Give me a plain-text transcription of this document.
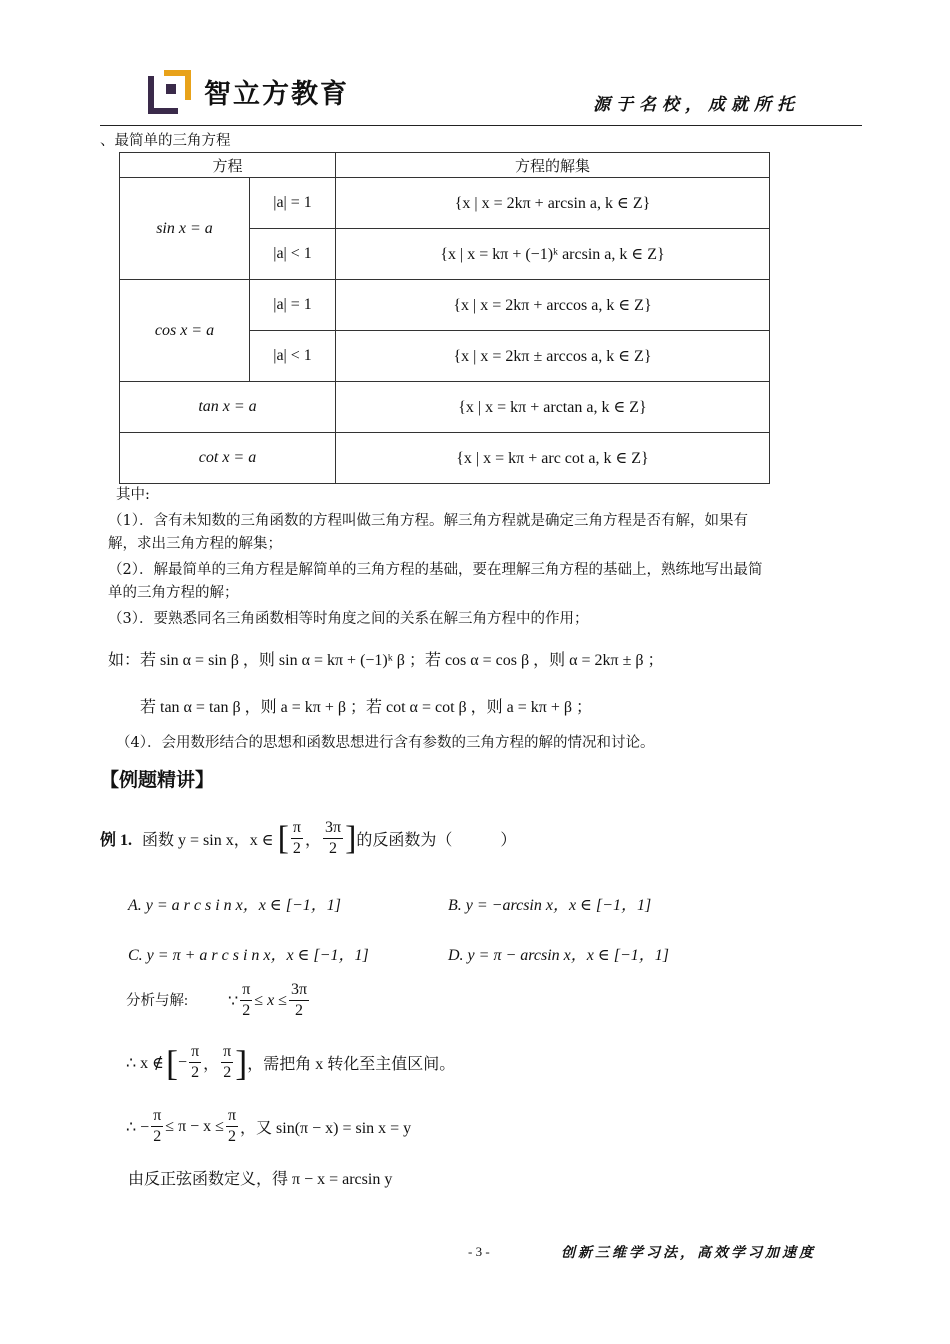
智立方教育	源于名校，成就所托
、最简单的三角方程
方程		方程的解集
sin x = a	|a| = 1	{x | x = 2kπ + arcsin a, k ∈ Z}
	|a| < 1	{x | x = kπ + (−1)ᵏ arcsin a, k ∈ Z}
cos x = a	|a| = 1	{x | x = 2kπ + arccos a, k ∈ Z}
	|a| < 1	{x | x = 2kπ ± arccos a, k ∈ Z}
tan x = a		{x | x = kπ + arctan a, k ∈ Z}
cot x = a		{x | x = kπ + arc cot a, k ∈ Z}
其中:
（1）．含有未知数的三角函数的方程叫做三角方程。解三角方程就是确定三角方程是否有解，如果有
解，求出三角方程的解集；
（2）．解最简单的三角方程是解简单的三角方程的基础，要在理解三角方程的基础上，熟练地写出最简
单的三角方程的解；
（3）．要熟悉同名三角函数相等时角度之间的关系在解三角方程中的作用；
如：若 sin α = sin β ，则 sin α = kπ + (−1)ᵏ β ；若 cos α = cos β ，则 α = 2kπ ± β ；
若 tan α = tan β ，则 a = kπ + β ；若 cot α = cot β ，则 a = kπ + β ；
（4）．会用数形结合的思想和函数思想进行含有参数的三角方程的解的情况和讨论。
【例题精讲】
例 1. 函数 y = sin x，x ∈ [ $\frac{\pi}{2}$ ， $\frac{3\pi}{2}$ ] 的反函数为（　　　）
A. y = a r c s i n x，x ∈ [−1，1]	B. y = −arcsin x，x ∈ [−1，1]
C. y = π + a r c s i n x，x ∈ [−1，1]	D. y = π − arcsin x，x ∈ [−1，1]
分析与解:	∵ $\frac{\pi}{2} \le x \le \frac{3\pi}{2}$
∴ x ∉ [ − $\frac{\pi}{2}$ ， $\frac{\pi}{2}$ ] ，需把角 x 转化至主值区间。
∴ − $\frac{\pi}{2} \le \pi - x \le \frac{\pi}{2}$ ，又 sin(π − x) = sin x = y
由反正弦函数定义，得 π − x = arcsin y
- 3 -	创新三维学习法，高效学习加速度
